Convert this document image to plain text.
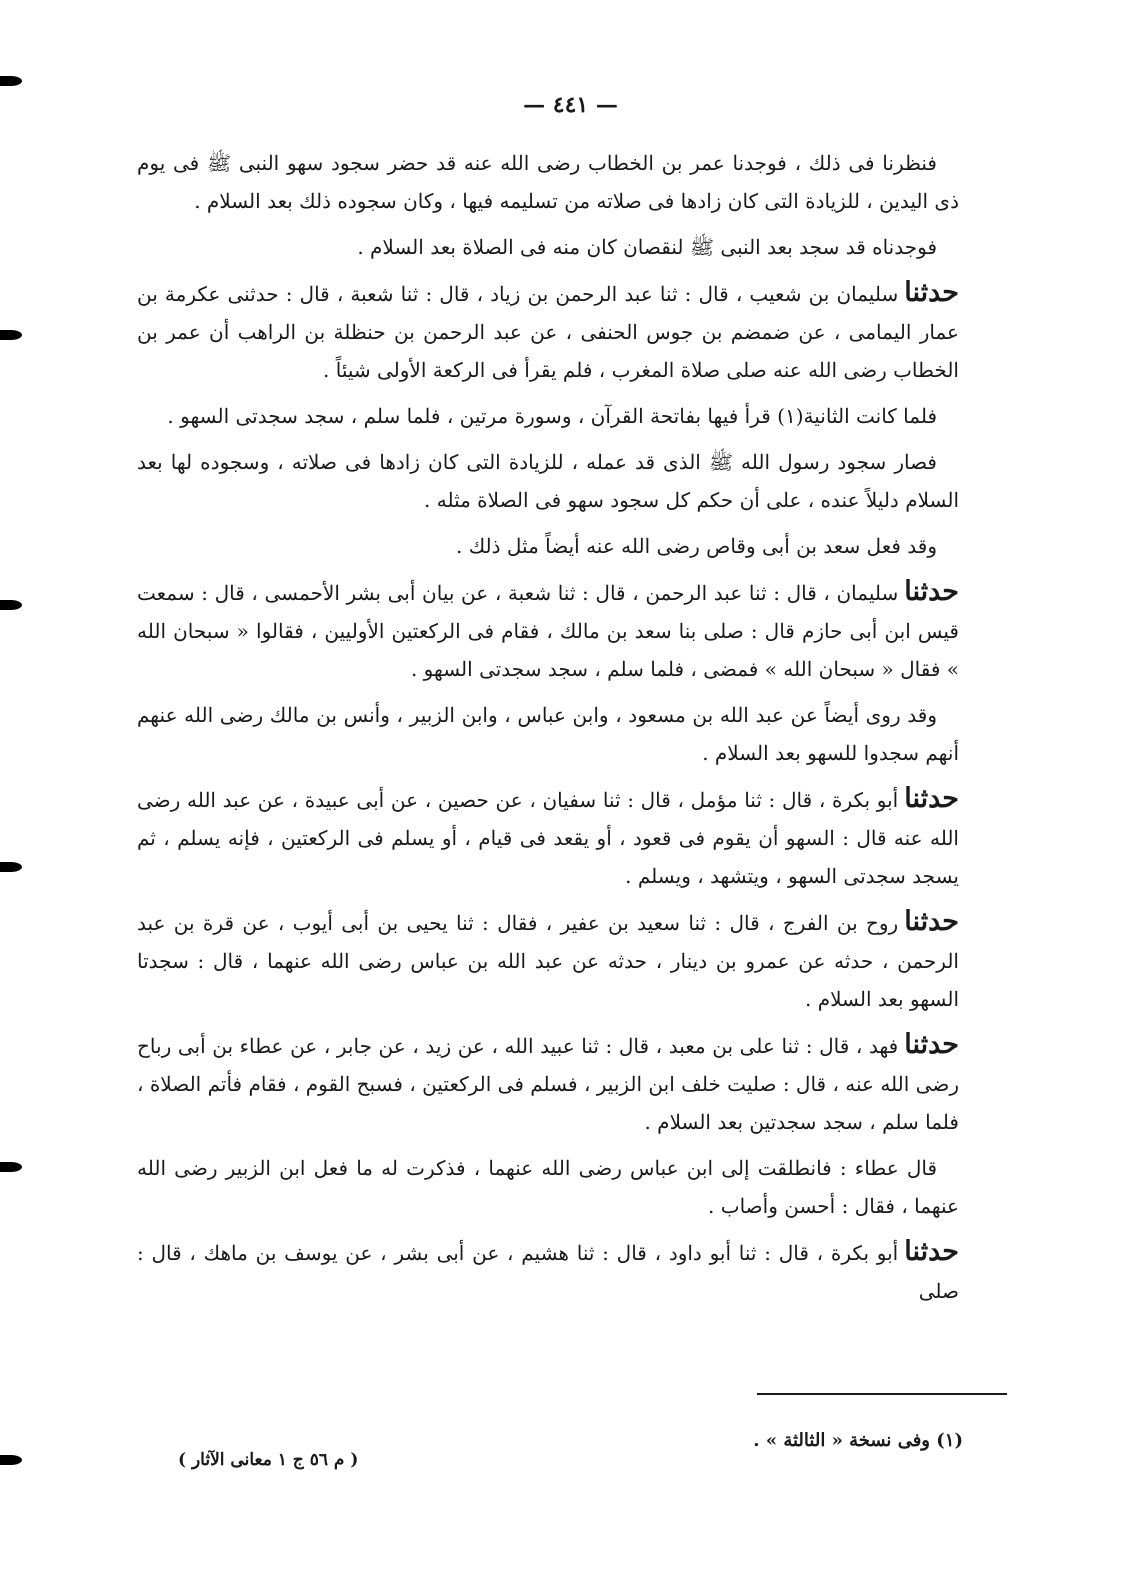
— ٤٤١ —

فنظرنا فى ذلك ، فوجدنا عمر بن الخطاب رضى الله عنه قد حضر سجود سهو النبى ﷺ فى يوم ذى اليدين ، للزيادة التى كان زادها فى صلاته من تسليمه فيها ، وكان سجوده ذلك بعد السلام .

فوجدناه قد سجد بعد النبى ﷺ لنقصان كان منه فى الصلاة بعد السلام .

حدثناسليمان بن شعيب ، قال : ثنا عبد الرحمن بن زياد ، قال : ثنا شعبة ، قال : حدثنى عكرمة بن عمار اليمامى ، عن ضمضم بن جوس الحنفى ، عن عبد الرحمن بن حنظلة بن الراهب أن عمر بن الخطاب رضى الله عنه صلى صلاة المغرب ، فلم يقرأ فى الركعة الأولى شيئاً .

فلما كانت الثانية(١) قرأ فيها بفاتحة القرآن ، وسورة مرتين ، فلما سلم ، سجد سجدتى السهو .

فصار سجود رسول الله ﷺ الذى قد عمله ، للزيادة التى كان زادها فى صلاته ، وسجوده لها بعد السلام دليلاً عنده ، على أن حكم كل سجود سهو فى الصلاة مثله .

وقد فعل سعد بن أبى وقاص رضى الله عنه أيضاً مثل ذلك .

حدثناسليمان ، قال : ثنا عبد الرحمن ، قال : ثنا شعبة ، عن بيان أبى بشر الأحمسى ، قال : سمعت قيس ابن أبى حازم قال : صلى بنا سعد بن مالك ، فقام فى الركعتين الأوليين ، فقالوا « سبحان الله » فقال « سبحان الله » فمضى ، فلما سلم ، سجد سجدتى السهو .

وقد روى أيضاً عن عبد الله بن مسعود ، وابن عباس ، وابن الزبير ، وأنس بن مالك رضى الله عنهم أنهم سجدوا للسهو بعد السلام .

حدثناأبو بكرة ، قال : ثنا مؤمل ، قال : ثنا سفيان ، عن حصين ، عن أبى عبيدة ، عن عبد الله رضى الله عنه قال : السهو أن يقوم فى قعود ، أو يقعد فى قيام ، أو يسلم فى الركعتين ، فإنه يسلم ، ثم يسجد سجدتى السهو ، ويتشهد ، ويسلم .

حدثناروح بن الفرج ، قال : ثنا سعيد بن عفير ، فقال : ثنا يحيى بن أبى أيوب ، عن قرة بن عبد الرحمن ، حدثه عن عمرو بن دينار ، حدثه عن عبد الله بن عباس رضى الله عنهما ، قال : سجدتا السهو بعد السلام .

حدثنافهد ، قال : ثنا على بن معبد ، قال : ثنا عبيد الله ، عن زيد ، عن جابر ، عن عطاء بن أبى رباح رضى الله عنه ، قال : صليت خلف ابن الزبير ، فسلم فى الركعتين ، فسبح القوم ، فقام فأتم الصلاة ، فلما سلم ، سجد سجدتين بعد السلام .

قال عطاء : فانطلقت إلى ابن عباس رضى الله عنهما ، فذكرت له ما فعل ابن الزبير رضى الله عنهما ، فقال : أحسن وأصاب .

حدثناأبو بكرة ، قال : ثنا أبو داود ، قال : ثنا هشيم ، عن أبى بشر ، عن يوسف بن ماهك ، قال : صلى

(١) وفى نسخة « الثالثة » .
( م ٥٦ ج ١ معانى الآثار )
